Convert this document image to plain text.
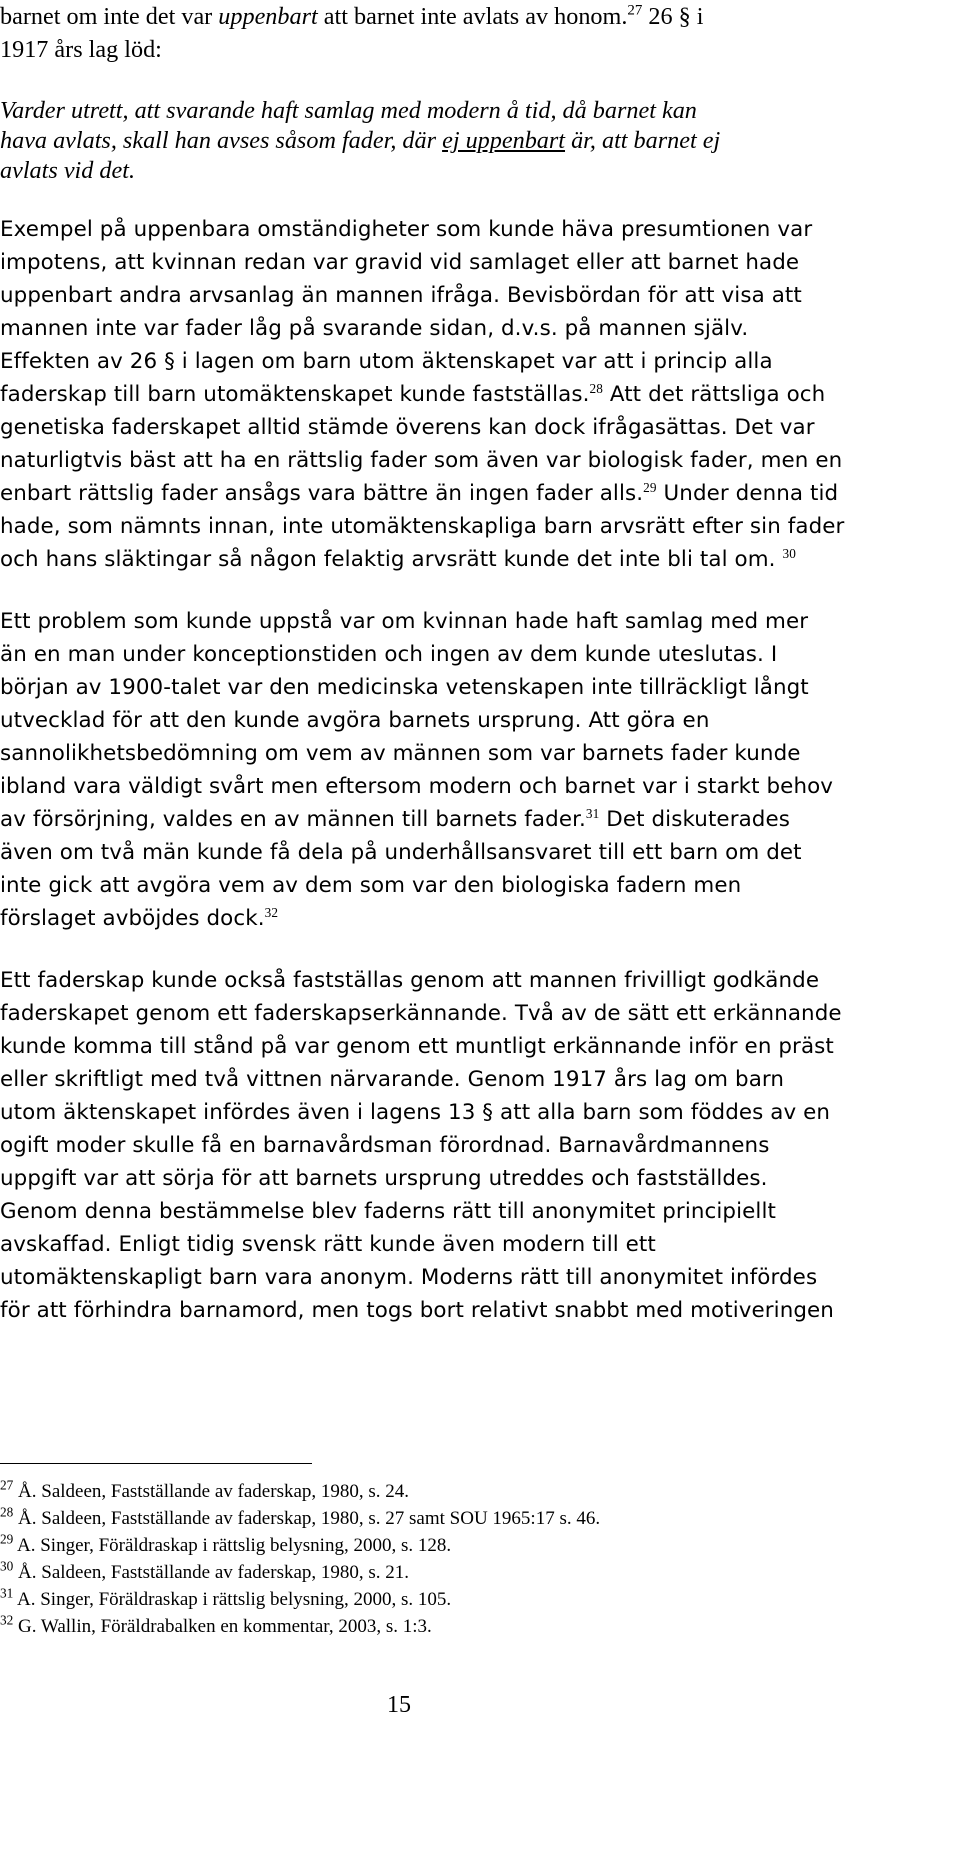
barnet om inte det var uppenbart att barnet inte avlats av honom.$^{27}$ 26 § i
1917 års lag löd:
Varder utrett, att svarande haft samlag med modern å tid, då barnet kan
hava avlats, skall han avses såsom fader, där ej uppenbart är, att barnet ej
avlats vid det.
Exempel på uppenbara omständigheter som kunde häva presumtionen var
impotens, att kvinnan redan var gravid vid samlaget eller att barnet hade
uppenbart andra arvsanlag än mannen ifråga. Bevisbördan för att visa att
mannen inte var fader låg på svarande sidan, d.v.s. på mannen själv.
Effekten av 26 § i lagen om barn utom äktenskapet var att i princip alla
faderskap till barn utomäktenskapet kunde fastställas.$^{28}$ Att det rättsliga och
genetiska faderskapet alltid stämde överens kan dock ifrågasättas. Det var
naturligtvis bäst att ha en rättslig fader som även var biologisk fader, men en
enbart rättslig fader ansågs vara bättre än ingen fader alls.$^{29}$ Under denna tid
hade, som nämnts innan, inte utomäktenskapliga barn arvsrätt efter sin fader
och hans släktingar så någon felaktig arvsrätt kunde det inte bli tal om. $^{30}$
Ett problem som kunde uppstå var om kvinnan hade haft samlag med mer
än en man under konceptionstiden och ingen av dem kunde uteslutas. I
början av 1900-talet var den medicinska vetenskapen inte tillräckligt långt
utvecklad för att den kunde avgöra barnets ursprung. Att göra en
sannolikhetsbedömning om vem av männen som var barnets fader kunde
ibland vara väldigt svårt men eftersom modern och barnet var i starkt behov
av försörjning, valdes en av männen till barnets fader.$^{31}$ Det diskuterades
även om två män kunde få dela på underhållsansvaret till ett barn om det
inte gick att avgöra vem av dem som var den biologiska fadern men
förslaget avböjdes dock.$^{32}$
Ett faderskap kunde också fastställas genom att mannen frivilligt godkände
faderskapet genom ett faderskapserkännande. Två av de sätt ett erkännande
kunde komma till stånd på var genom ett muntligt erkännande inför en präst
eller skriftligt med två vittnen närvarande. Genom 1917 års lag om barn
utom äktenskapet infördes även i lagens 13 § att alla barn som föddes av en
ogift moder skulle få en barnavårdsman förordnad. Barnavårdmannens
uppgift var att sörja för att barnets ursprung utreddes och fastställdes.
Genom denna bestämmelse blev faderns rätt till anonymitet principiellt
avskaffad. Enligt tidig svensk rätt kunde även modern till ett
utomäktenskapligt barn vara anonym. Moderns rätt till anonymitet infördes
för att förhindra barnamord, men togs bort relativt snabbt med motiveringen
$^{27}$ Å. Saldeen, Fastställande av faderskap, 1980, s. 24.
$^{28}$ Å. Saldeen, Fastställande av faderskap, 1980, s. 27 samt SOU 1965:17 s. 46.
$^{29}$ A. Singer, Föräldraskap i rättslig belysning, 2000, s. 128.
$^{30}$ Å. Saldeen, Fastställande av faderskap, 1980, s. 21.
$^{31}$ A. Singer, Föräldraskap i rättslig belysning, 2000, s. 105.
$^{32}$ G. Wallin, Föräldrabalken en kommentar, 2003, s. 1:3.
15
